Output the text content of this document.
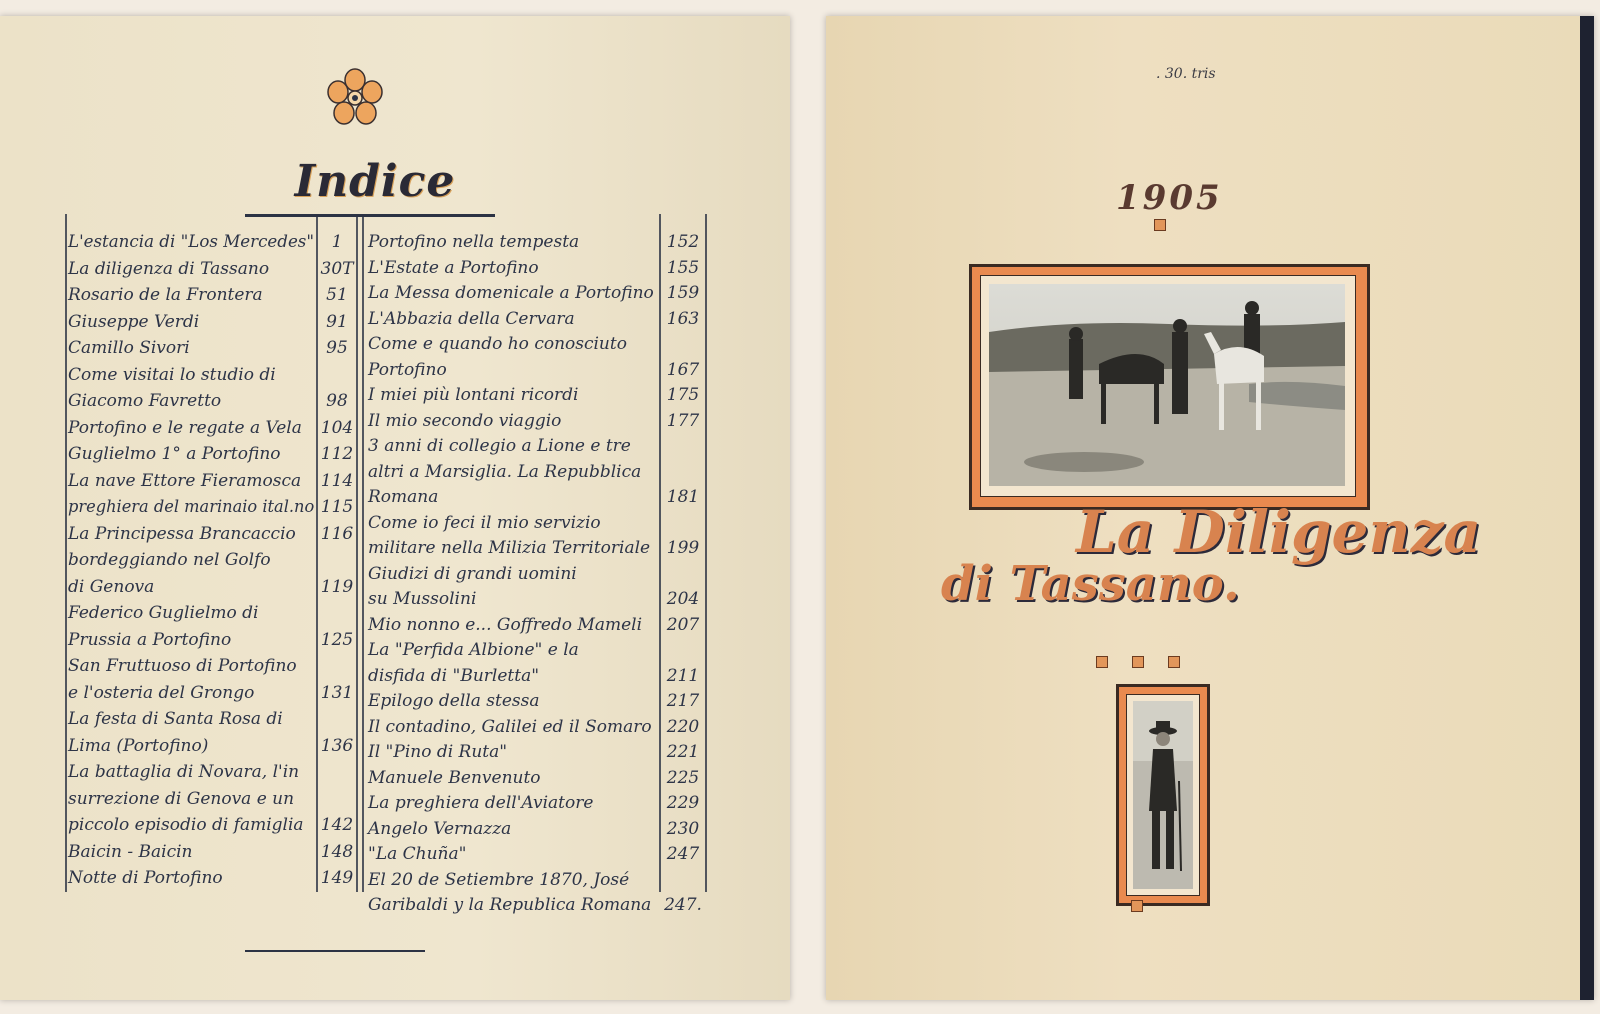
Indice
L'estancia di "Los Mercedes"	1
La diligenza di Tassano	30T
Rosario de la Frontera	51
Giuseppe Verdi	91
Camillo Sivori	95
Come visitai lo studio di
Giacomo Favretto	98
Portofino e le regate a Vela 104
Guglielmo 1° a Portofino 112
La nave Ettore Fieramosca 114
preghiera del marinaio ital.no 115
La Principessa Brancaccio 116
bordeggiando nel Golfo
di Genova	119
Federico Guglielmo di
Prussia a Portofino	125
San Fruttuoso di Portofino
e l'osteria del Grongo	131
La festa di Santa Rosa di
Lima (Portofino)	136
La battaglia di Novara, l'in
surrezione di Genova e un
piccolo episodio di famiglia 142
Baicin - Baicin	148
Notte di Portofino	149
Portofino nella tempesta	152
L'Estate a Portofino	155
La Messa domenicale a Portofino 159
L'Abbazia della Cervara	163
Come e quando ho conosciuto
Portofino	167
I miei più lontani ricordi	175
Il mio secondo viaggio	177
3 anni di collegio a Lione e tre
altri a Marsiglia. La Repubblica
Romana	181
Come io feci il mio servizio
militare nella Milizia Territoriale 199
Giudizi di grandi uomini
su Mussolini	204
Mio nonno e... Goffredo Mameli	207
La "Perfida Albione" e la
disfida di "Burletta"	211
Epilogo della stessa	217
Il contadino, Galilei ed il Somaro 220
Il "Pino di Ruta"	221
Manuele Benvenuto	225
La preghiera dell'Aviatore	229
Angelo Vernazza	230
"La Chuña"	247
El 20 de Setiembre 1870, José
Garibaldi y la Republica Romana 247.
. 30. tris
1905
La Diligenza
di Tassano.
